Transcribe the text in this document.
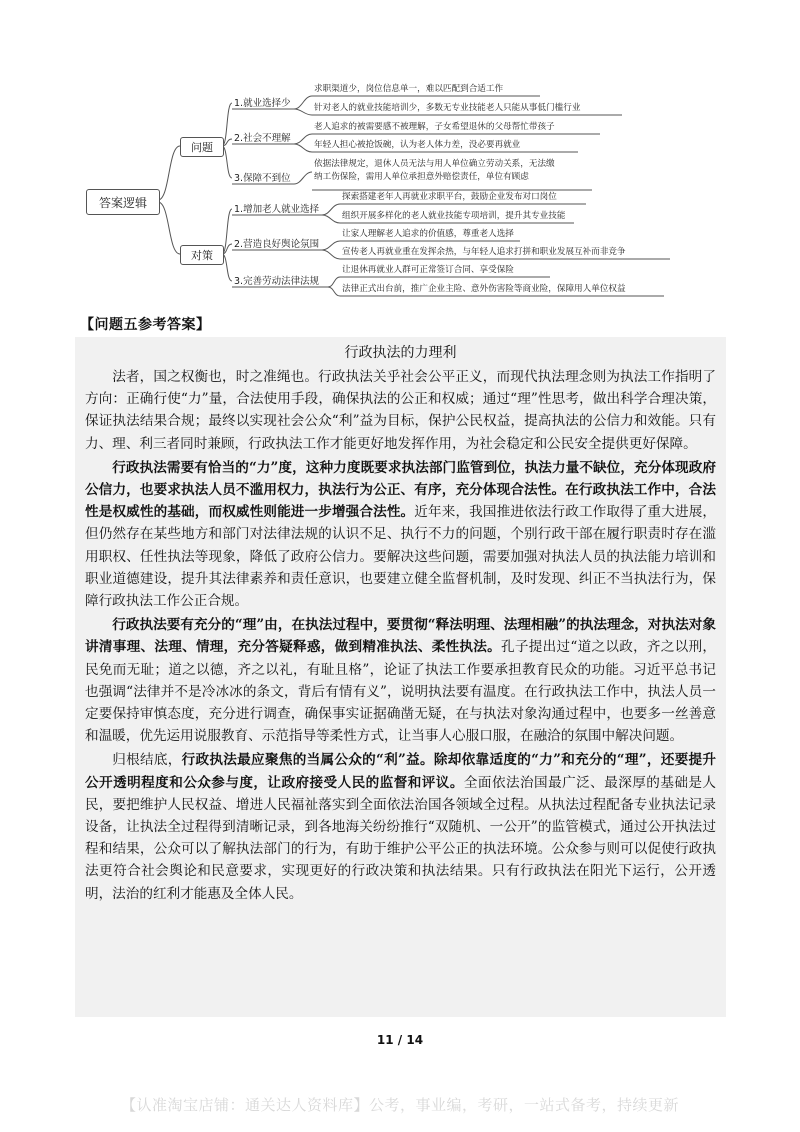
答案逻辑
问题
对策
1.就业选择少
2.社会不理解
3.保障不到位
求职渠道少，岗位信息单一，难以匹配到合适工作
针对老人的就业技能培训少，多数无专业技能老人只能从事低门槛行业
老人追求的被需要感不被理解，子女希望退休的父母帮忙带孩子
年轻人担心被抢饭碗，认为老人体力差，没必要再就业
依据法律规定，退休人员无法与用人单位确立劳动关系，无法缴
纳工伤保险，需用人单位承担意外赔偿责任，单位有顾虑
1.增加老人就业选择
2.营造良好舆论氛围
3.完善劳动法律法规
探索搭建老年人再就业求职平台，鼓励企业发布对口岗位
组织开展多样化的老人就业技能专项培训，提升其专业技能
让家人理解老人追求的价值感，尊重老人选择
宣传老人再就业重在发挥余热，与年轻人追求打拼和职业发展互补而非竞争
让退休再就业人群可正常签订合同、享受保险
法律正式出台前，推广企业主险、意外伤害险等商业险，保障用人单位权益
【问题五参考答案】
行政执法的力理利

法者，国之权衡也，时之准绳也。行政执法关乎社会公平正义，而现代执法理念则为执法工作指明了方向：正确行使“力”量，合法使用手段，确保执法的公正和权威；通过“理”性思考，做出科学合理决策，保证执法结果合规；最终以实现社会公众“利”益为目标，保护公民权益，提高执法的公信力和效能。只有力、理、利三者同时兼顾，行政执法工作才能更好地发挥作用，为社会稳定和公民安全提供更好保障。

行政执法需要有恰当的“力”度，这种力度既要求执法部门监管到位，执法力量不缺位，充分体现政府公信力，也要求执法人员不滥用权力，执法行为公正、有序，充分体现合法性。在行政执法工作中，合法性是权威性的基础，而权威性则能进一步增强合法性。近年来，我国推进依法行政工作取得了重大进展，但仍然存在某些地方和部门对法律法规的认识不足、执行不力的问题，个别行政干部在履行职责时存在滥用职权、任性执法等现象，降低了政府公信力。要解决这些问题，需要加强对执法人员的执法能力培训和职业道德建设，提升其法律素养和责任意识，也要建立健全监督机制，及时发现、纠正不当执法行为，保障行政执法工作公正合规。

行政执法要有充分的“理”由，在执法过程中，要贯彻“释法明理、法理相融”的执法理念，对执法对象讲清事理、法理、情理，充分答疑释惑，做到精准执法、柔性执法。孔子提出过“道之以政，齐之以刑，民免而无耻；道之以德，齐之以礼，有耻且格”，论证了执法工作要承担教育民众的功能。习近平总书记也强调“法律并不是冷冰冰的条文，背后有情有义”，说明执法要有温度。在行政执法工作中，执法人员一定要保持审慎态度，充分进行调查，确保事实证据确凿无疑，在与执法对象沟通过程中，也要多一丝善意和温暖，优先运用说服教育、示范指导等柔性方式，让当事人心服口服，在融洽的氛围中解决问题。

归根结底，行政执法最应聚焦的当属公众的“利”益。除却依靠适度的“力”和充分的“理”，还要提升公开透明程度和公众参与度，让政府接受人民的监督和评议。全面依法治国最广泛、最深厚的基础是人民，要把维护人民权益、增进人民福祉落实到全面依法治国各领域全过程。从执法过程配备专业执法记录设备，让执法全过程得到清晰记录，到各地海关纷纷推行“双随机、一公开”的监管模式，通过公开执法过程和结果，公众可以了解执法部门的行为，有助于维护公平公正的执法环境。公众参与则可以促使行政执法更符合社会舆论和民意要求，实现更好的行政决策和执法结果。只有行政执法在阳光下运行，公开透明，法治的红利才能惠及全体人民。

11 / 14
【认准淘宝店铺：通关达人资料库】公考，事业编，考研，一站式备考，持续更新
